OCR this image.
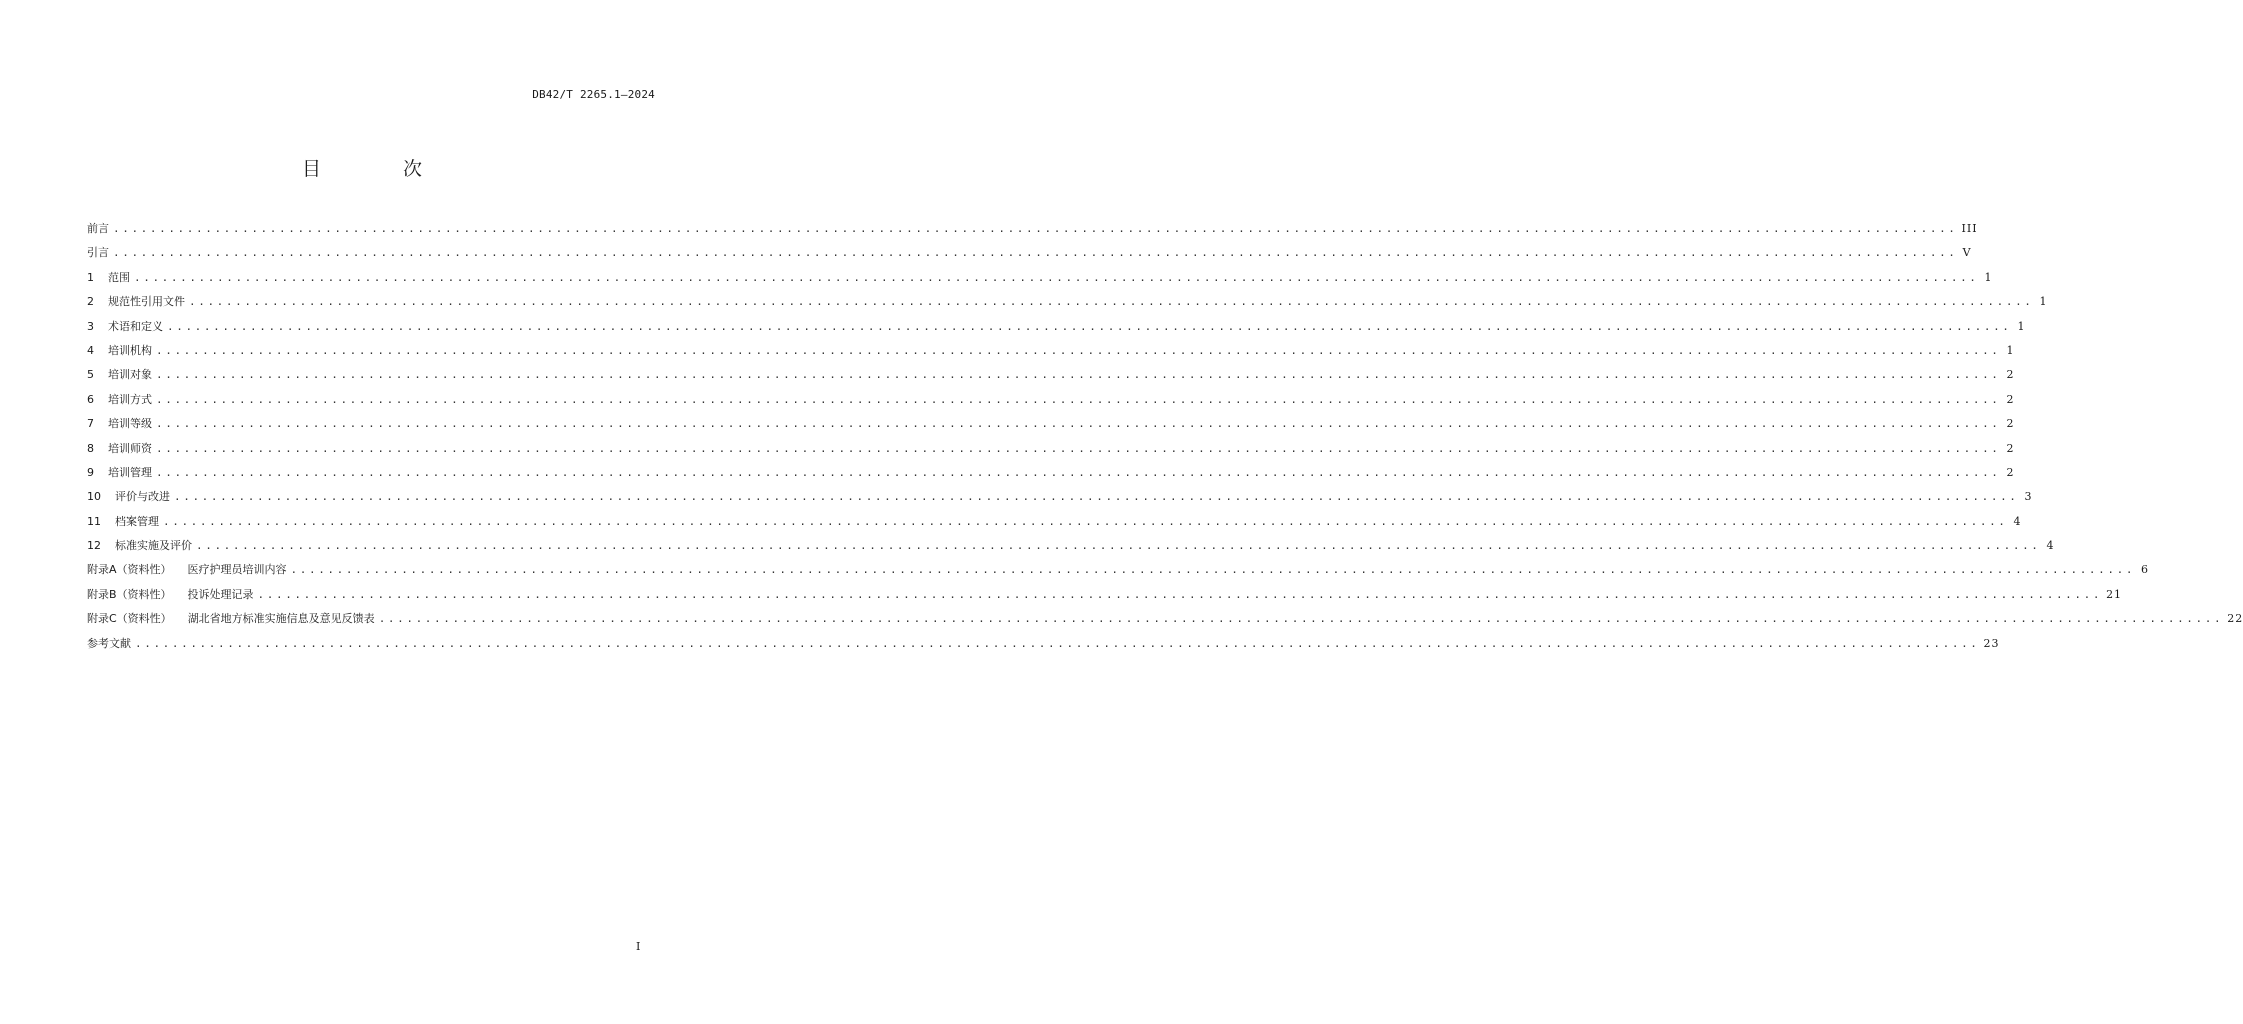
DB42/T 2265.1—2024
目 次
前言 ........................................................................................................................................................................................................ III
引言 ........................................................................................................................................................................................................ V
1 范围 ........................................................................................................................................................................................................ 1
2 规范性引用文件 ........................................................................................................................................................................................................ 1
3 术语和定义 ........................................................................................................................................................................................................ 1
4 培训机构 ........................................................................................................................................................................................................ 1
5 培训对象 ........................................................................................................................................................................................................ 2
6 培训方式 ........................................................................................................................................................................................................ 2
7 培训等级 ........................................................................................................................................................................................................ 2
8 培训师资 ........................................................................................................................................................................................................ 2
9 培训管理 ........................................................................................................................................................................................................ 2
10 评价与改进 ........................................................................................................................................................................................................ 3
11 档案管理 ........................................................................................................................................................................................................ 4
12 标准实施及评价 ........................................................................................................................................................................................................ 4
附录A（资料性） 医疗护理员培训内容 ........................................................................................................................................................................................................ 6
附录B（资料性） 投诉处理记录 ........................................................................................................................................................................................................ 21
附录C（资料性） 湖北省地方标准实施信息及意见反馈表 ........................................................................................................................................................................................................ 22
参考文献 ........................................................................................................................................................................................................ 23
I
